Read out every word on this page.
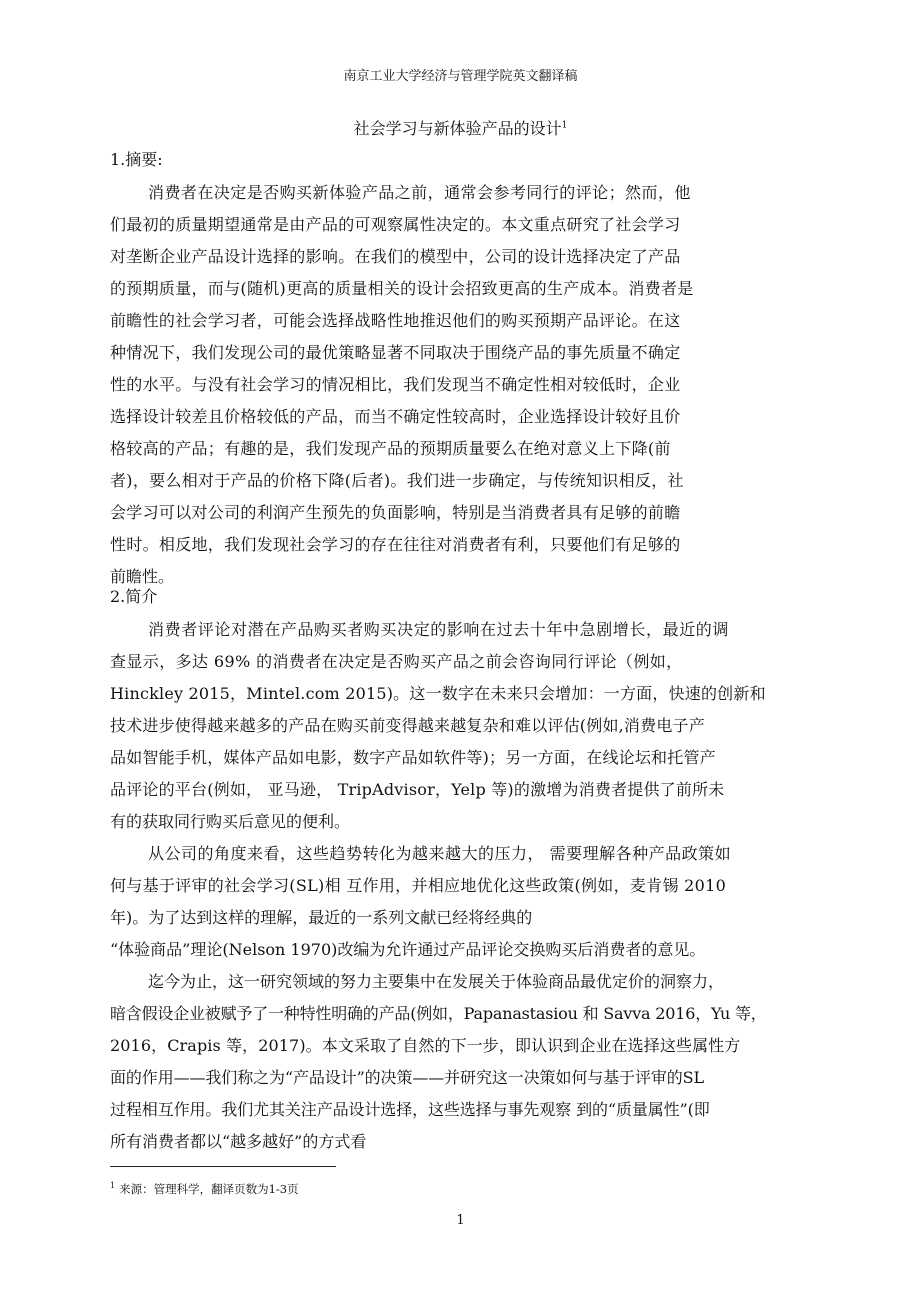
南京工业大学经济与管理学院英文翻译稿
社会学习与新体验产品的设计$^1$
1.摘要:
消费者在决定是否购买新体验产品之前，通常会参考同行的评论；然而，他
们最初的质量期望通常是由产品的可观察属性决定的。本文重点研究了社会学习
对垄断企业产品设计选择的影响。在我们的模型中，公司的设计选择决定了产品
的预期质量，而与(随机)更高的质量相关的设计会招致更高的生产成本。消费者是
前瞻性的社会学习者，可能会选择战略性地推迟他们的购买预期产品评论。在这
种情况下，我们发现公司的最优策略显著不同取决于围绕产品的事先质量不确定
性的水平。与没有社会学习的情况相比，我们发现当不确定性相对较低时，企业
选择设计较差且价格较低的产品，而当不确定性较高时，企业选择设计较好且价
格较高的产品；有趣的是，我们发现产品的预期质量要么在绝对意义上下降(前
者)，要么相对于产品的价格下降(后者)。我们进一步确定，与传统知识相反，社
会学习可以对公司的利润产生预先的负面影响，特别是当消费者具有足够的前瞻
性时。相反地，我们发现社会学习的存在往往对消费者有利，只要他们有足够的
前瞻性。
2.简介
消费者评论对潜在产品购买者购买决定的影响在过去十年中急剧增长，最近的调
查显示，多达 69% 的消费者在决定是否购买产品之前会咨询同行评论（例如，
Hinckley 2015，Mintel.com 2015)。这一数字在未来只会增加：一方面，快速的创新和
技术进步使得越来越多的产品在购买前变得越来越复杂和难以评估(例如,消费电子产
品如智能手机，媒体产品如电影，数字产品如软件等)；另一方面，在线论坛和托管产
品评论的平台(例如， 亚马逊， TripAdvisor，Yelp 等)的激增为消费者提供了前所未
有的获取同行购买后意见的便利。
从公司的角度来看，这些趋势转化为越来越大的压力， 需要理解各种产品政策如
何与基于评审的社会学习(SL)相 互作用，并相应地优化这些政策(例如，麦肯锡 2010
年)。为了达到这样的理解，最近的一系列文献已经将经典的
“体验商品”理论(Nelson 1970)改编为允许通过产品评论交换购买后消费者的意见。
迄今为止，这一研究领域的努力主要集中在发展关于体验商品最优定价的洞察力，
暗含假设企业被赋予了一种特性明确的产品(例如，Papanastasiou 和 Savva 2016，Yu 等，
2016，Crapis 等，2017)。本文采取了自然的下一步，即认识到企业在选择这些属性方
面的作用——我们称之为“产品设计”的决策——并研究这一决策如何与基于评审的SL
过程相互作用。我们尤其关注产品设计选择，这些选择与事先观察 到的“质量属性”(即
所有消费者都以“越多越好”的方式看
$^1$ 来源：管理科学，翻译页数为1-3页
1
